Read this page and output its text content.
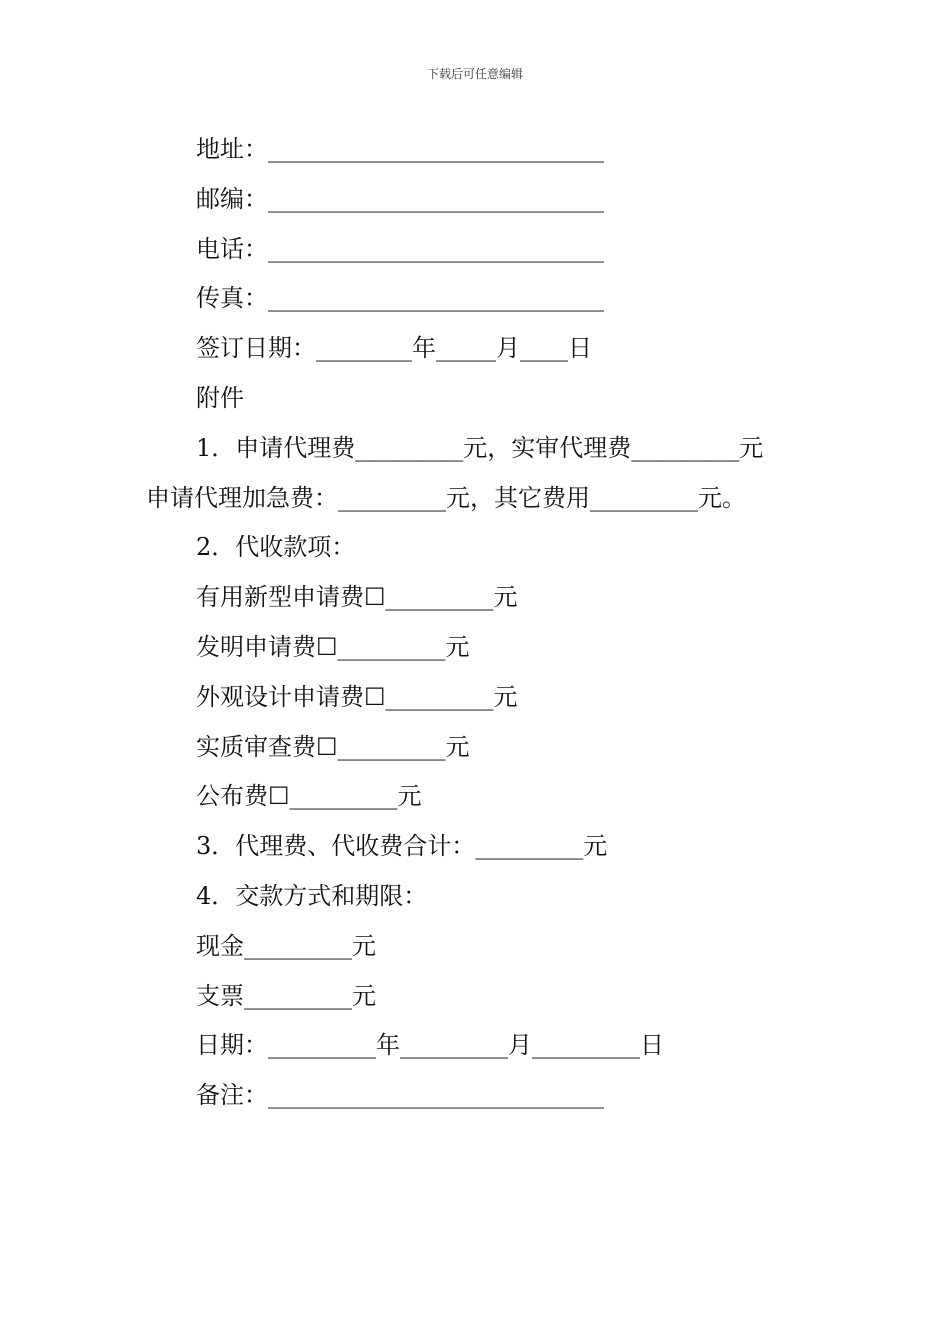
下载后可任意编辑
地址：____________________________
邮编：____________________________
电话：____________________________
传真：____________________________
签订日期：________年_____月____日
附件
1．申请代理费_________元，实审代理费_________元
申请代理加急费：_________元，其它费用_________元。
2．代收款项：
有用新型申请费☐_________元
发明申请费☐_________元
外观设计申请费☐_________元
实质审查费☐_________元
公布费☐_________元
3．代理费、代收费合计：_________元
4．交款方式和期限：
现金_________元
支票_________元
日期：_________年_________月_________日
备注：____________________________
